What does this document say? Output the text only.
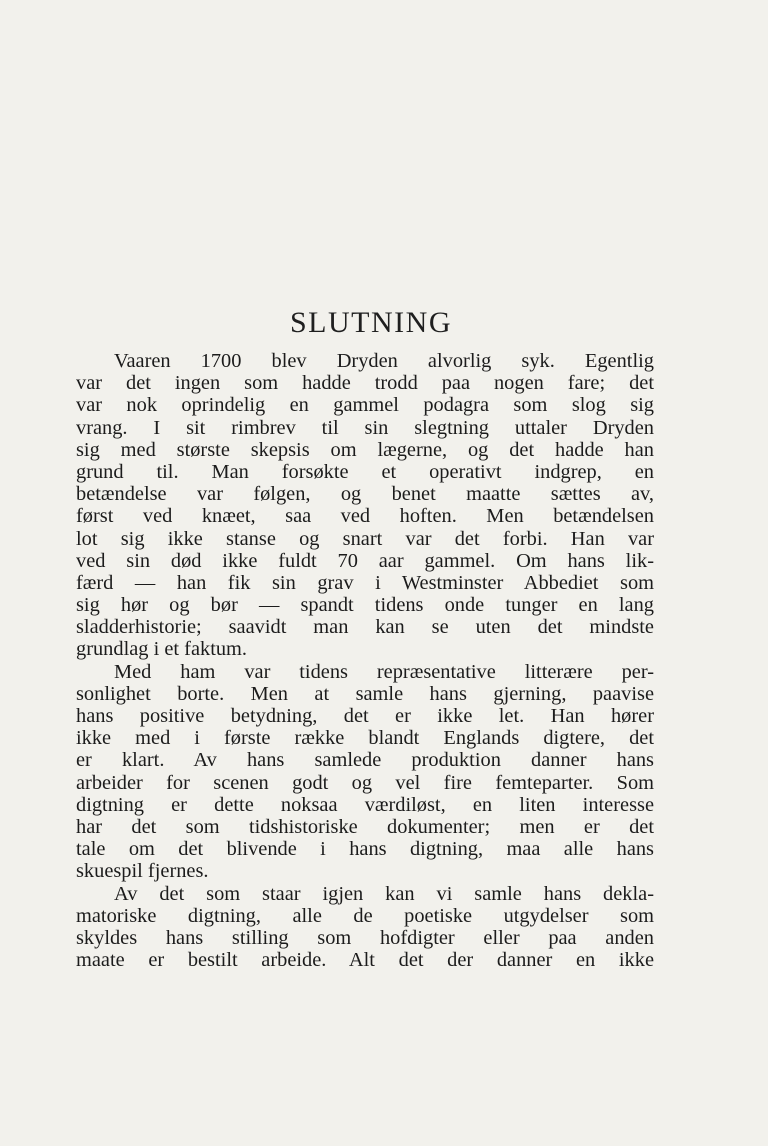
SLUTNING
Vaaren 1700 blev Dryden alvorlig syk. Egentlig
var det ingen som hadde trodd paa nogen fare; det
var nok oprindelig en gammel podagra som slog sig
vrang. I sit rimbrev til sin slegtning uttaler Dryden
sig med største skepsis om lægerne, og det hadde han
grund til. Man forsøkte et operativt indgrep, en
betændelse var følgen, og benet maatte sættes av,
først ved knæet, saa ved hoften. Men betændelsen
lot sig ikke stanse og snart var det forbi. Han var
ved sin død ikke fuldt 70 aar gammel. Om hans lik-
færd — han fik sin grav i Westminster Abbediet som
sig hør og bør — spandt tidens onde tunger en lang
sladderhistorie; saavidt man kan se uten det mindste
grundlag i et faktum.
Med ham var tidens repræsentative litterære per-
sonlighet borte. Men at samle hans gjerning, paavise
hans positive betydning, det er ikke let. Han hører
ikke med i første række blandt Englands digtere, det
er klart. Av hans samlede produktion danner hans
arbeider for scenen godt og vel fire femteparter. Som
digtning er dette noksaa værdiløst, en liten interesse
har det som tidshistoriske dokumenter; men er det
tale om det blivende i hans digtning, maa alle hans
skuespil fjernes.
Av det som staar igjen kan vi samle hans dekla-
matoriske digtning, alle de poetiske utgydelser som
skyldes hans stilling som hofdigter eller paa anden
maate er bestilt arbeide. Alt det der danner en ikke
